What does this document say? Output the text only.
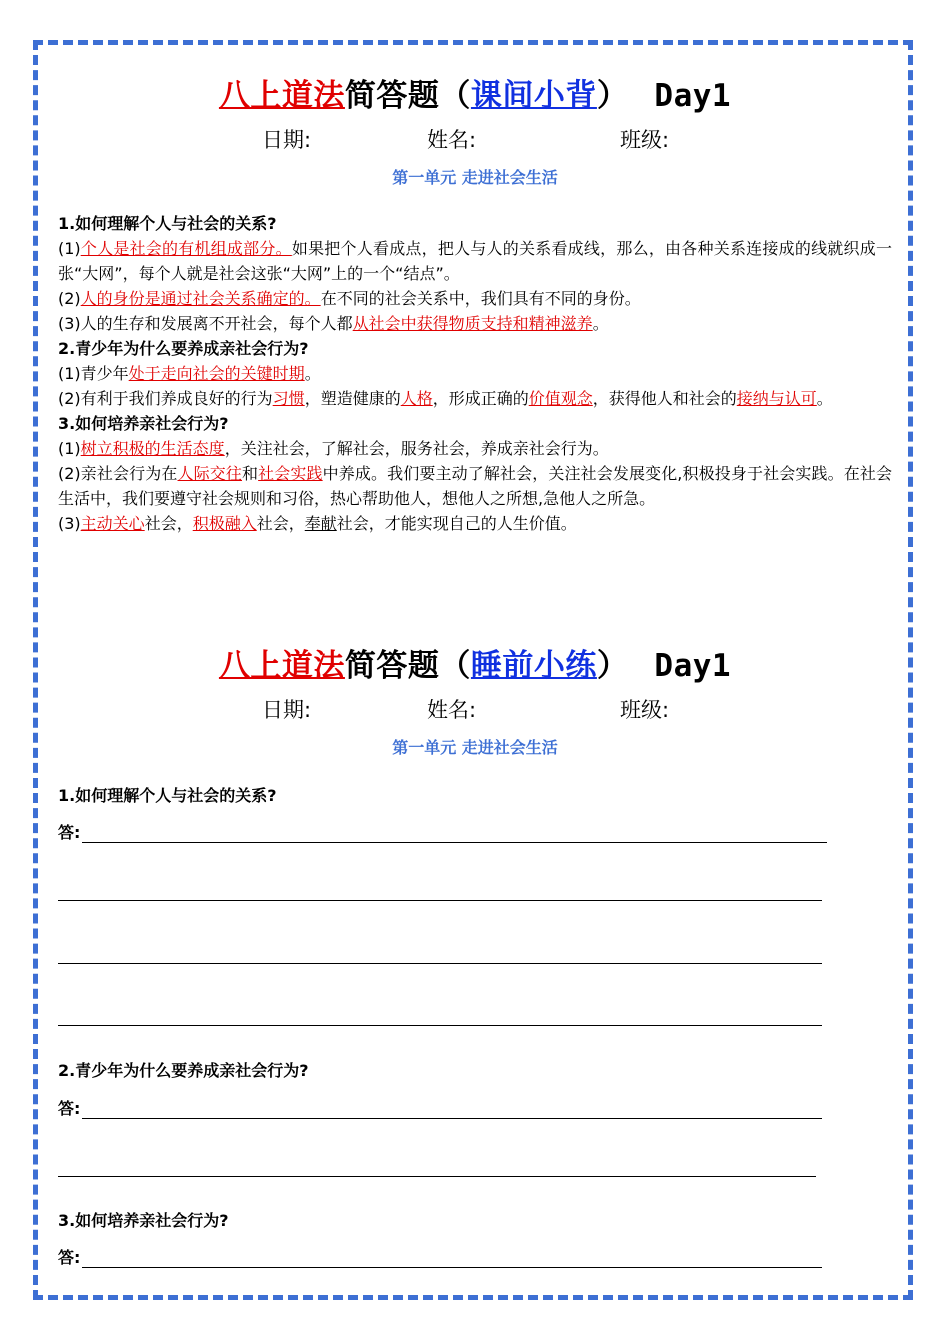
八上道法简答题（课间小背） Day1
日期:	姓名:	班级:
第一单元 走进社会生活
1.如何理解个人与社会的关系?
(1)个人是社会的有机组成部分。如果把个人看成点，把人与人的关系看成线，那么，由各种关系连接成的线就织成一张“大网”，每个人就是社会这张“大网”上的一个“结点”。
(2)人的身份是通过社会关系确定的。在不同的社会关系中，我们具有不同的身份。
(3)人的生存和发展离不开社会，每个人都从社会中获得物质支持和精神滋养。
2.青少年为什么要养成亲社会行为?
(1)青少年处于走向社会的关键时期。
(2)有利于我们养成良好的行为习惯，塑造健康的人格，形成正确的价值观念，获得他人和社会的接纳与认可。
3.如何培养亲社会行为?
(1)树立积极的生活态度，关注社会，了解社会，服务社会，养成亲社会行为。
(2)亲社会行为在人际交往和社会实践中养成。我们要主动了解社会，关注社会发展变化,积极投身于社会实践。在社会生活中，我们要遵守社会规则和习俗，热心帮助他人，想他人之所想,急他人之所急。
(3)主动关心社会，积极融入社会，奉献社会，才能实现自己的人生价值。
八上道法简答题（睡前小练） Day1
日期:	姓名:	班级:
第一单元 走进社会生活
1.如何理解个人与社会的关系?
答:
2.青少年为什么要养成亲社会行为?
答:
3.如何培养亲社会行为?
答:
